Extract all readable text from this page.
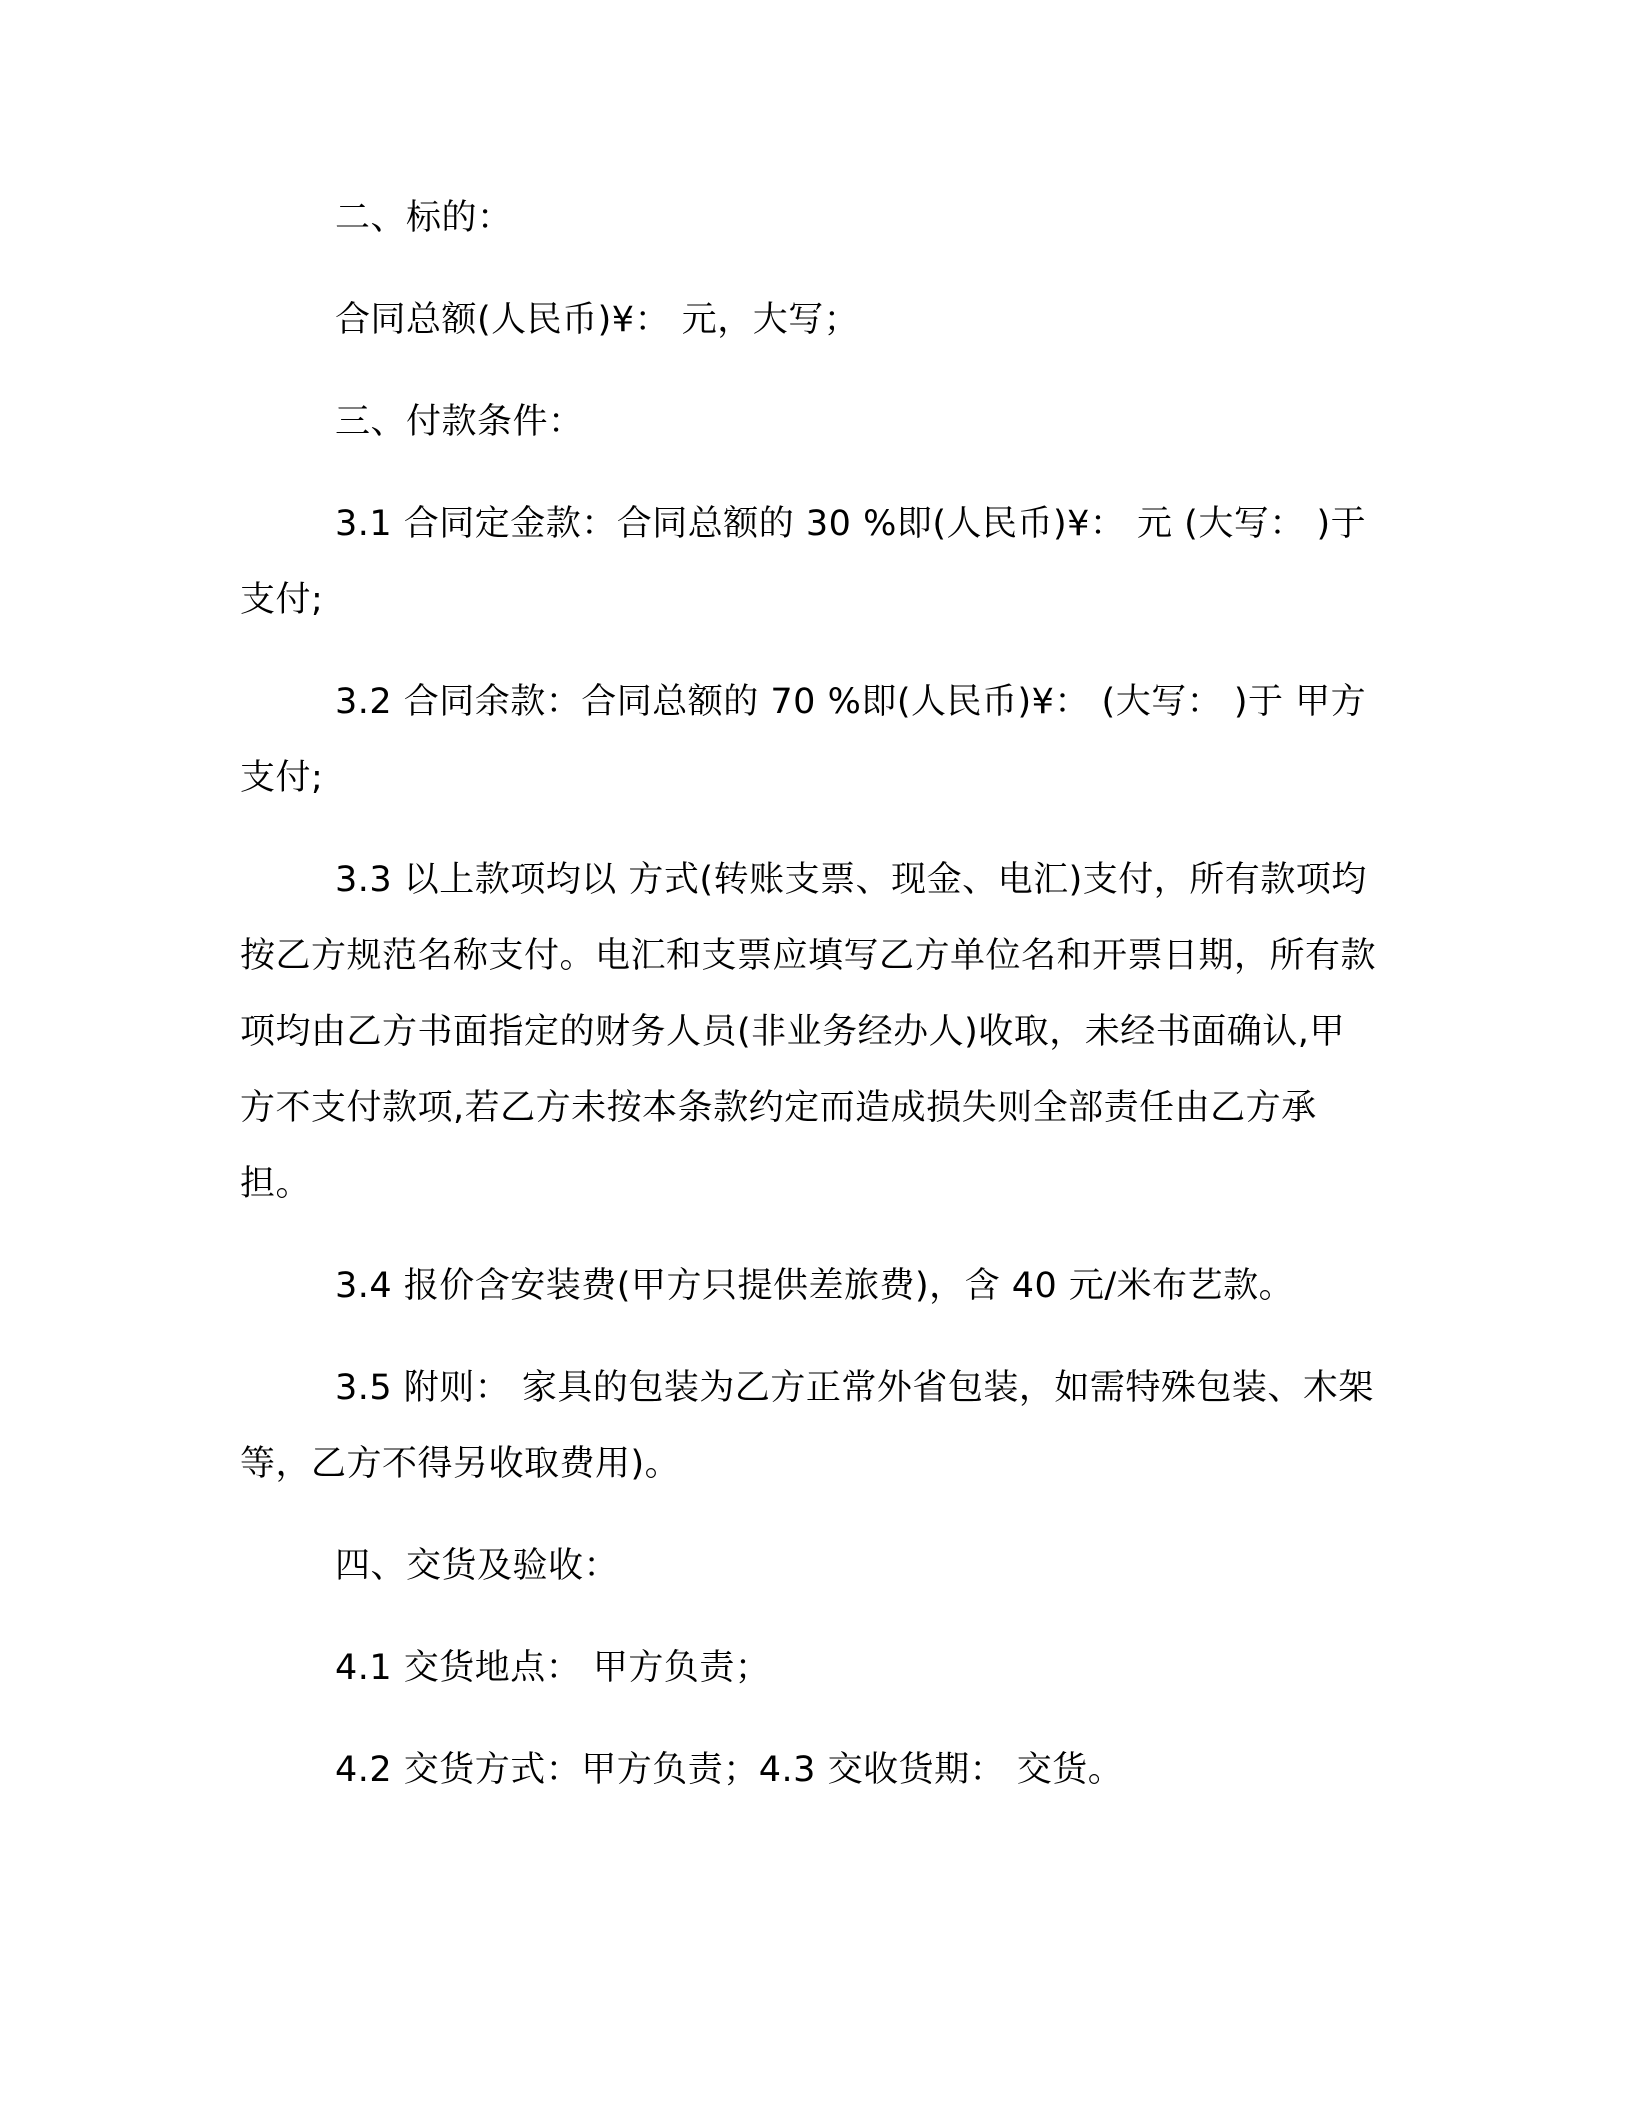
二、标的：

合同总额(人民币)¥： 元，大写；

三、付款条件：

3.1 合同定金款：合同总额的 30 %即(人民币)¥： 元 (大写： )于 支付;

3.2 合同余款：合同总额的 70 %即(人民币)¥： (大写： )于 甲方 支付;

3.3 以上款项均以 方式(转账支票、现金、电汇)支付，所有款项均按乙方规范名称支付。电汇和支票应填写乙方单位名和开票日期，所有款项均由乙方书面指定的财务人员(非业务经办人)收取，未经书面确认,甲方不支付款项,若乙方未按本条款约定而造成损失则全部责任由乙方承担。

3.4 报价含安装费(甲方只提供差旅费)，含 40 元/米布艺款。

3.5 附则： 家具的包装为乙方正常外省包装，如需特殊包装、木架等，乙方不得另收取费用)。

四、交货及验收：

4.1 交货地点： 甲方负责；

4.2 交货方式：甲方负责；4.3 交收货期： 交货。
